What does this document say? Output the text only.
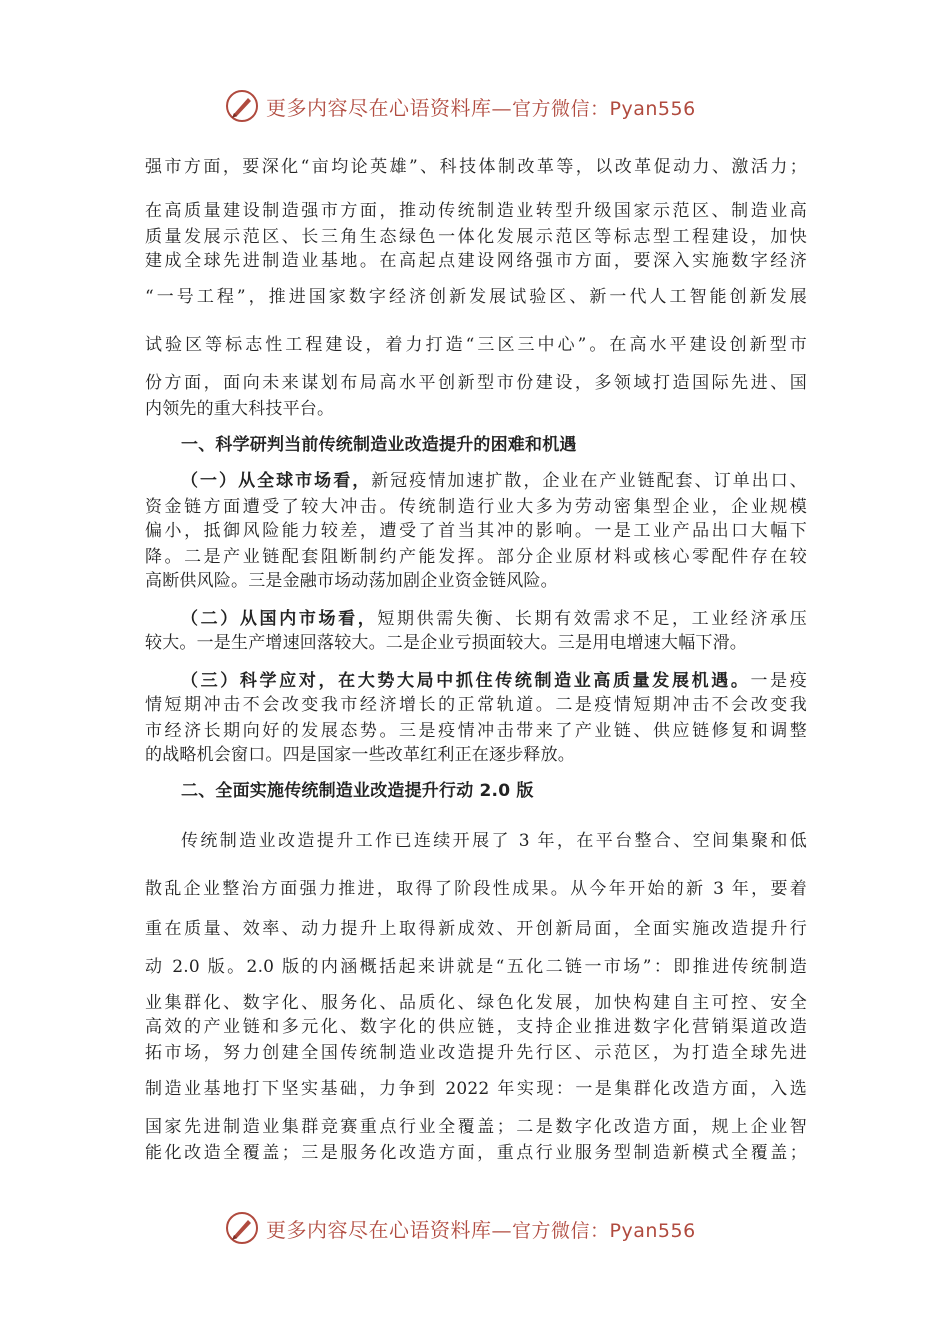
更多内容尽在心语资料库—官方微信：Pyan556
强市方面，要深化“亩均论英雄”、科技体制改革等，以改革促动力、激活力；
在高质量建设制造强市方面，推动传统制造业转型升级国家示范区、制造业高
质量发展示范区、长三角生态绿色一体化发展示范区等标志型工程建设，加快
建成全球先进制造业基地。在高起点建设网络强市方面，要深入实施数字经济
“一号工程”，推进国家数字经济创新发展试验区、新一代人工智能创新发展
试验区等标志性工程建设，着力打造“三区三中心”。在高水平建设创新型市
份方面，面向未来谋划布局高水平创新型市份建设，多领域打造国际先进、国
内领先的重大科技平台。
一、科学研判当前传统制造业改造提升的困难和机遇
（一）从全球市场看，新冠疫情加速扩散，企业在产业链配套、订单出口、
资金链方面遭受了较大冲击。传统制造行业大多为劳动密集型企业，企业规模
偏小，抵御风险能力较差，遭受了首当其冲的影响。一是工业产品出口大幅下
降。二是产业链配套阻断制约产能发挥。部分企业原材料或核心零配件存在较
高断供风险。三是金融市场动荡加剧企业资金链风险。
（二）从国内市场看，短期供需失衡、长期有效需求不足，工业经济承压
较大。一是生产增速回落较大。二是企业亏损面较大。三是用电增速大幅下滑。
（三）科学应对，在大势大局中抓住传统制造业高质量发展机遇。一是疫
情短期冲击不会改变我市经济增长的正常轨道。二是疫情短期冲击不会改变我
市经济长期向好的发展态势。三是疫情冲击带来了产业链、供应链修复和调整
的战略机会窗口。四是国家一些改革红利正在逐步释放。
二、全面实施传统制造业改造提升行动 2.0 版
传统制造业改造提升工作已连续开展了 3 年，在平台整合、空间集聚和低
散乱企业整治方面强力推进，取得了阶段性成果。从今年开始的新 3 年，要着
重在质量、效率、动力提升上取得新成效、开创新局面，全面实施改造提升行
动 2.0 版。2.0 版的内涵概括起来讲就是“五化二链一市场”：即推进传统制造
业集群化、数字化、服务化、品质化、绿色化发展，加快构建自主可控、安全
高效的产业链和多元化、数字化的供应链，支持企业推进数字化营销渠道改造
拓市场，努力创建全国传统制造业改造提升先行区、示范区，为打造全球先进
制造业基地打下坚实基础，力争到 2022 年实现：一是集群化改造方面，入选
国家先进制造业集群竞赛重点行业全覆盖；二是数字化改造方面，规上企业智
能化改造全覆盖；三是服务化改造方面，重点行业服务型制造新模式全覆盖；
更多内容尽在心语资料库—官方微信：Pyan556
